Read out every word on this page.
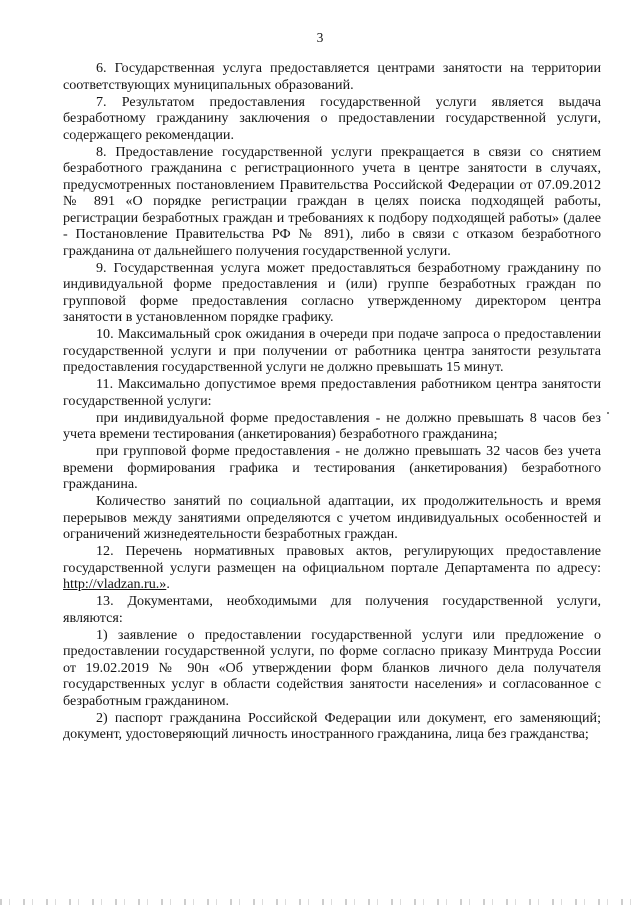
3

6. Государственная услуга предоставляется центрами занятости на территории соответствующих муниципальных образований.

7. Результатом предоставления государственной услуги является выдача безработному гражданину заключения о предоставлении государственной услуги, содержащего рекомендации.

8. Предоставление государственной услуги прекращается в связи со снятием безработного гражданина с регистрационного учета в центре занятости в случаях, предусмотренных постановлением Правительства Российской Федерации от 07.09.2012 № 891 «О порядке регистрации граждан в целях поиска подходящей работы, регистрации безработных граждан и требованиях к подбору подходящей работы» (далее - Постановление Правительства РФ № 891), либо в связи с отказом безработного гражданина от дальнейшего получения государственной услуги.

9. Государственная услуга может предоставляться безработному гражданину по индивидуальной форме предоставления и (или) группе безработных граждан по групповой форме предоставления согласно утвержденному директором центра занятости в установленном порядке графику.

10. Максимальный срок ожидания в очереди при подаче запроса о предоставлении государственной услуги и при получении от работника центра занятости результата предоставления государственной услуги не должно превышать 15 минут.

11. Максимально допустимое время предоставления работником центра занятости государственной услуги:

при индивидуальной форме предоставления - не должно превышать 8 часов без учета времени тестирования (анкетирования) безработного гражданина;

при групповой форме предоставления - не должно превышать 32 часов без учета времени формирования графика и тестирования (анкетирования) безработного гражданина.

Количество занятий по социальной адаптации, их продолжительность и время перерывов между занятиями определяются с учетом индивидуальных особенностей и ограничений жизнедеятельности безработных граждан.

12. Перечень нормативных правовых актов, регулирующих предоставление государственной услуги размещен на официальном портале Департамента по адресу: http://vladzan.ru.».

13. Документами, необходимыми для получения государственной услуги, являются:

1) заявление о предоставлении государственной услуги или предложение о предоставлении государственной услуги, по форме согласно приказу Минтруда России от 19.02.2019 № 90н «Об утверждении форм бланков личного дела получателя государственных услуг в области содействия занятости населения» и согласованное с безработным гражданином.

2) паспорт гражданина Российской Федерации или документ, его заменяющий; документ, удостоверяющий личность иностранного гражданина, лица без гражданства;
